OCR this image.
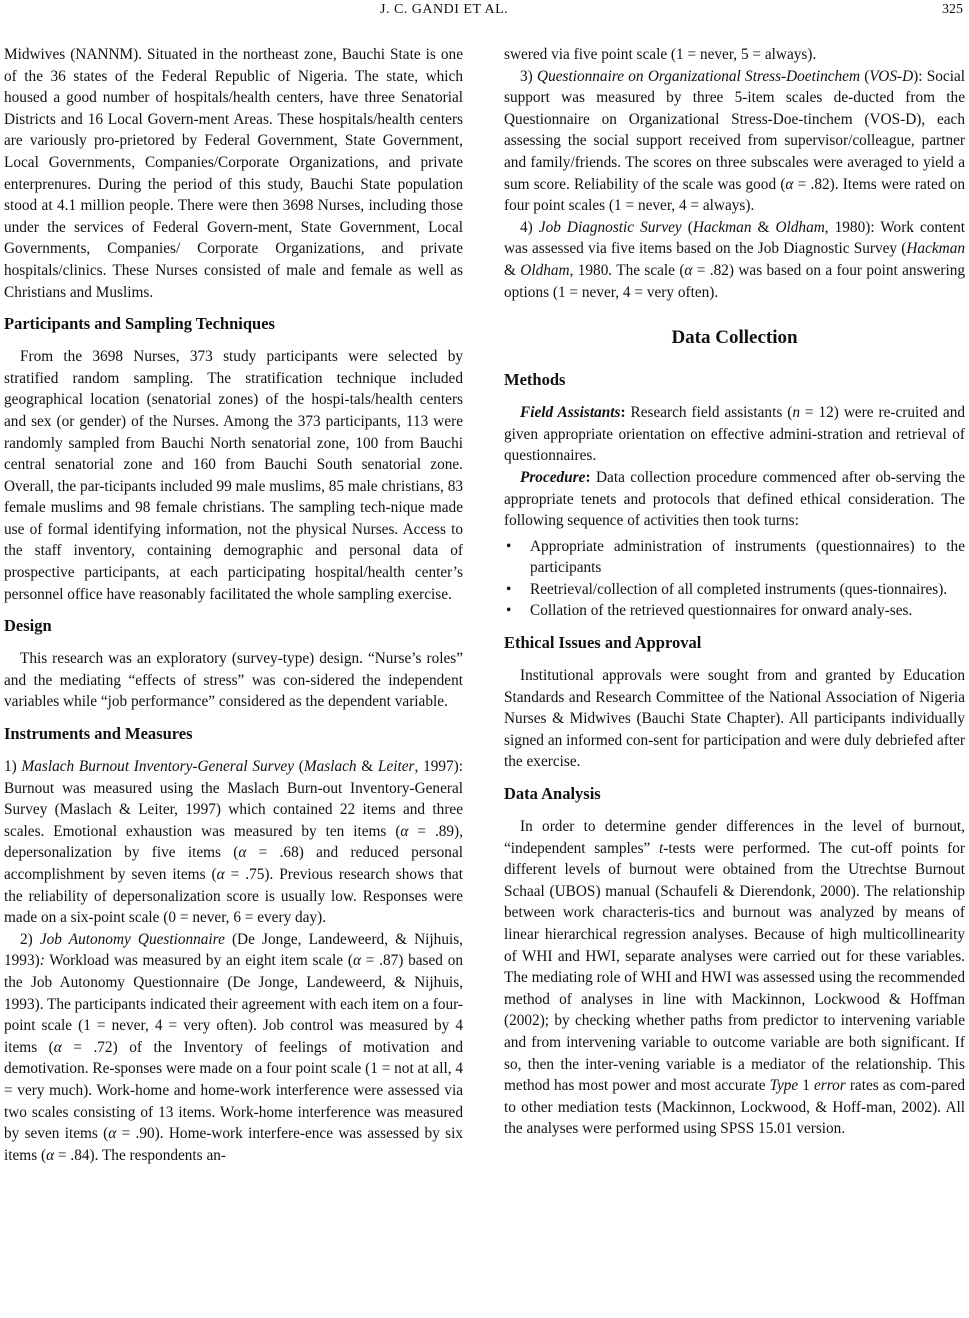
J. C. GANDI ET AL.	325

Midwives (NANNM). Situated in the northeast zone, Bauchi State is one of the 36 states of the Federal Republic of Nigeria. The state, which housed a good number of hospitals/health centers, have three Senatorial Districts and 16 Local Govern-ment Areas. These hospitals/health centers are variously pro-prietored by Federal Government, State Government, Local Governments, Companies/Corporate Organizations, and private enterprenures. During the period of this study, Bauchi State population stood at 4.1 million people. There were then 3698 Nurses, including those under the services of Federal Govern-ment, State Government, Local Governments, Companies/ Corporate Organizations, and private hospitals/clinics. These Nurses consisted of male and female as well as Christians and Muslims.

Participants and Sampling Techniques

From the 3698 Nurses, 373 study participants were selected by stratified random sampling. The stratification technique included geographical location (senatorial zones) of the hospi-tals/health centers and sex (or gender) of the Nurses. Among the 373 participants, 113 were randomly sampled from Bauchi North senatorial zone, 100 from Bauchi central senatorial zone and 160 from Bauchi South senatorial zone. Overall, the par-ticipants included 99 male muslims, 85 male christians, 83 female muslims and 98 female christians. The sampling tech-nique made use of formal identifying information, not the physical Nurses. Access to the staff inventory, containing demographic and personal data of prospective participants, at each participating hospital/health center’s personnel office have reasonably facilitated the whole sampling exercise.

Design

This research was an exploratory (survey-type) design. “Nurse’s roles” and the mediating “effects of stress” was con-sidered the independent variables while “job performance” considered as the dependent variable.

Instruments and Measures

1) Maslach Burnout Inventory-General Survey (Maslach & Leiter, 1997): Burnout was measured using the Maslach Burn-out Inventory-General Survey (Maslach & Leiter, 1997) which contained 22 items and three scales. Emotional exhaustion was measured by ten items (α = .89), depersonalization by five items (α = .68) and reduced personal accomplishment by seven items (α = .75). Previous research shows that the reliability of depersonalization score is usually low. Responses were made on a six-point scale (0 = never, 6 = every day).

2) Job Autonomy Questionnaire (De Jonge, Landeweerd, & Nijhuis, 1993): Workload was measured by an eight item scale (α = .87) based on the Job Autonomy Questionnaire (De Jonge, Landeweerd, & Nijhuis, 1993). The participants indicated their agreement with each item on a four-point scale (1 = never, 4 = very often). Job control was measured by 4 items (α = .72) of the Inventory of feelings of motivation and demotivation. Re-sponses were made on a four point scale (1 = not at all, 4 = very much). Work-home and home-work interference were assessed via two scales consisting of 13 items. Work-home interference was measured by seven items (α = .90). Home-work interfere-ence was assessed by six items (α = .84). The respondents an-

swered via five point scale (1 = never, 5 = always).

3) Questionnaire on Organizational Stress-Doetinchem (VOS-D): Social support was measured by three 5-item scales de-ducted from the Questionnaire on Organizational Stress-Doe-tinchem (VOS-D), each assessing the social support received from supervisor/colleague, partner and family/friends. The scores on three subscales were averaged to yield a sum score. Reliability of the scale was good (α = .82). Items were rated on four point scales (1 = never, 4 = always).

4) Job Diagnostic Survey (Hackman & Oldham, 1980): Work content was assessed via five items based on the Job Diagnostic Survey (Hackman & Oldham, 1980. The scale (α = .82) was based on a four point answering options (1 = never, 4 = very often).

Data Collection
Methods

Field Assistants: Research field assistants (n = 12) were re-cruited and given appropriate orientation on effective admini-stration and retrieval of questionnaires.

Procedure: Data collection procedure commenced after ob-serving the appropriate tenets and protocols that defined ethical consideration. The following sequence of activities then took turns:

• Appropriate administration of instruments (questionnaires) to the participants
• Reetrieval/collection of all completed instruments (ques-tionnaires).
• Collation of the retrieved questionnaires for onward analy-ses.
Ethical Issues and Approval

Institutional approvals were sought from and granted by Education Standards and Research Committee of the National Association of Nigeria Nurses & Midwives (Bauchi State Chapter). All participants individually signed an informed con-sent for participation and were duly debriefed after the exercise.

Data Analysis

In order to determine gender differences in the level of burnout, “independent samples” t-tests were performed. The cut-off points for different levels of burnout were obtained from the Utrechtse Burnout Schaal (UBOS) manual (Schaufeli & Dierendonk, 2000). The relationship between work characteris-tics and burnout was analyzed by means of linear hierarchical regression analyses. Because of high multicollinearity of WHI and HWI, separate analyses were carried out for these variables. The mediating role of WHI and HWI was assessed using the recommended method of analyses in line with Mackinnon, Lockwood & Hoffman (2002); by checking whether paths from predictor to intervening variable and from intervening variable to outcome variable are both significant. If so, then the inter-vening variable is a mediator of the relationship. This method has most power and most accurate Type 1 error rates as com-pared to other mediation tests (Mackinnon, Lockwood, & Hoff-man, 2002). All the analyses were performed using SPSS 15.01 version.
